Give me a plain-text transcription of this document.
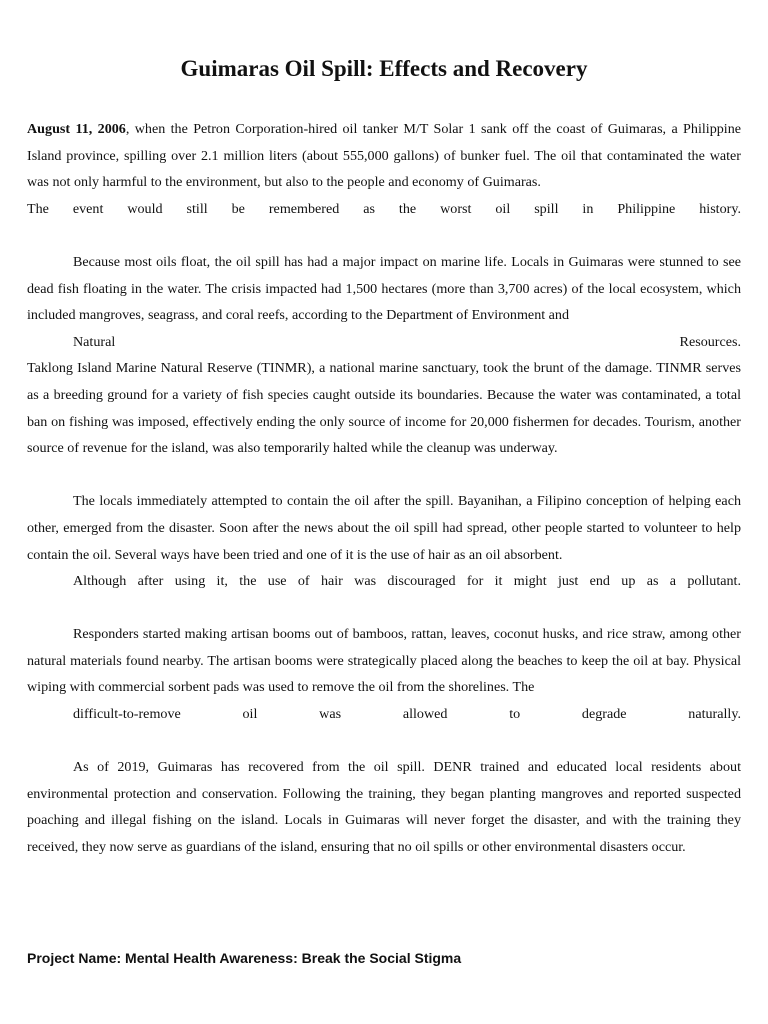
Guimaras Oil Spill: Effects and Recovery

August 11, 2006, when the Petron Corporation-hired oil tanker M/T Solar 1 sank off the coast of Guimaras, a Philippine Island province, spilling over 2.1 million liters (about 555,000 gallons) of bunker fuel. The oil that contaminated the water was not only harmful to the environment, but also to the people and economy of Guimaras.
The event would still be remembered as the worst oil spill in Philippine history.

Because most oils float, the oil spill has had a major impact on marine life. Locals in Guimaras were stunned to see dead fish floating in the water. The crisis impacted had 1,500 hectares (more than 3,700 acres) of the local ecosystem, which included mangroves, seagrass, and coral reefs, according to the Department of Environment and
Natural Resources.

Taklong Island Marine Natural Reserve (TINMR), a national marine sanctuary, took the brunt of the damage. TINMR serves as a breeding ground for a variety of fish species caught outside its boundaries. Because the water was contaminated, a total ban on fishing was imposed, effectively ending the only source of income for 20,000 fishermen for decades. Tourism, another source of revenue for the island, was also temporarily halted while the cleanup was underway.

The locals immediately attempted to contain the oil after the spill. Bayanihan, a Filipino conception of helping each other, emerged from the disaster. Soon after the news about the oil spill had spread, other people started to volunteer to help contain the oil. Several ways have been tried and one of it is the use of hair as an oil absorbent.
Although after using it, the use of hair was discouraged for it might just end up as a pollutant.

Responders started making artisan booms out of bamboos, rattan, leaves, coconut husks, and rice straw, among other natural materials found nearby. The artisan booms were strategically placed along the beaches to keep the oil at bay. Physical wiping with commercial sorbent pads was used to remove the oil from the shorelines. The
difficult-to-remove oil was allowed to degrade naturally.

As of 2019, Guimaras has recovered from the oil spill. DENR trained and educated local residents about environmental protection and conservation. Following the training, they began planting mangroves and reported suspected poaching and illegal fishing on the island. Locals in Guimaras will never forget the disaster, and with the training they received, they now serve as guardians of the island, ensuring that no oil spills or other environmental disasters occur.

Project Name: Mental Health Awareness: Break the Social Stigma
